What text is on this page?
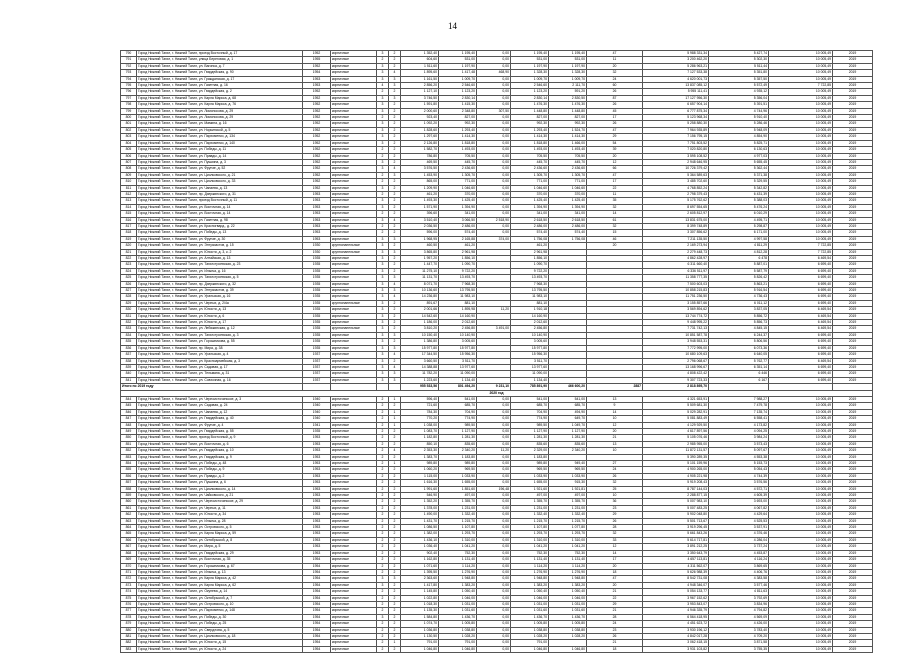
14
790	Город Нижний Тагил, г. Нижний Тагил, проезд Восточный, д. 17	1952	кирпичные	3	2	1 352,40	1 195,40	0,00	1 195,40	1 195,40	47	5 988 331,34	5 427,74	10 005,49	2019
791	Город Нижний Тагил, г. Нижний Тагил, улица Береговая, д. 1	1955	кирпичные	2	2	604,60	531,00	0,00	531,00	531,00	11	3 200 462,20	5 302,30	10 005,49	2019
792	Город Нижний Тагил, г. Нижний Тагил, ул. Вагонка, д. 7	1952	кирпичные	3	2	1 511,60	1 197,90	0,00	1 197,90	1 197,90	20	5 286 963,21	5 511,44	10 005,49	2019
793	Город Нижний Тагил, г. Нижний Тагил, ул. Гвардейская, д. 90	1954	кирпичные	3	4	1 895,60	1 417,48	468,90	1 328,30	1 328,30	32	7 127 533,38	5 351,80	10 005,49	2019
794	Город Нижний Тагил, г. Нижний Тагил, ул. Гражданская, д. 17	1953	кирпичные	3	3	1 161,50	1 009,70	0,00	1 009,70	1 009,70	24	4 620 001,73	5 357,50	10 005,49	2019
795	Город Нижний Тагил, г. Нижний Тагил, ул. Газетная, д. 16	1953	кирпичные	4	3	2 856,20	2 546,60	0,00	2 546,60	2 111,70	60	13 837 085,12	5 572,49	7 722,85	2019
796	Город Нижний Тагил, г. Нижний Тагил, ул. Гвардейская, д. 2	1952	кирпичные	2	2	1 127,10	1 123,20	0,00	1 123,20	591,20	26	5 955 111,41	4 935,12	10 005,49	2019
797	Город Нижний Тагил, г. Нижний Тагил, ул. Карла Маркса, д. 68	1952	кирпичные	3	3	3 746,50	2 830,14	0,00	2 830,14	2 830,50	87	17 127 956,30	5 356,04	10 005,49	2019
798	Город Нижний Тагил, г. Нижний Тагил, ул. Карла Маркса, д. 76	1952	кирпичные	3	2	1 591,80	1 415,30	0,00	1 476,30	1 476,30	26	6 657 904,14	5 391,51	10 005,49	2019
799	Город Нижний Тагил, г. Нижний Тагил, ул. Ломоносова, д. 29	1952	кирпичные	3	2	2 000,60	2 348,80	307,50	1 448,80	1 448,80	45	6 777 875,34	4 744,96	10 005,49	2019
800	Город Нижний Тагил, г. Нижний Тагил, ул. Ломоносова, д. 29	1952	кирпичные	2	2	923,40	827,00	0,00	827,00	827,00	17	5 123 968,34	5 910,40	10 005,49	2019
801	Город Нижний Тагил, г. Нижний Тагил, ул. Мамина, д. 16	1952	кирпичные	3	2	1 092,20	992,30	0,00	992,30	992,30	26	5 258 880,30	5 286,46	10 005,49	2019
802	Город Нижний Тагил, г. Нижний Тагил, ул. Норкинской, д. 5	1952	кирпичные	3	2	1 828,60	1 293,40	0,00	1 293,40	1 524,70	47	7 964 935,89	5 948,09	10 005,49	2019
803	Город Нижний Тагил, г. Нижний Тагил, ул. Пархоменко, д. 134	1952	кирпичные	3	2	1 297,60	1 414,30	0,00	1 414,30	1 414,30	29	7 156 795,15	4 854,90	10 005,49	2019
804	Город Нижний Тагил, г. Нижний Тагил, ул. Пархоменко, д. 140	1952	кирпичные	3	2	2 126,80	1 818,80	0,00	1 818,80	1 466,00	54	7 751 803,52	5 825,71	10 005,49	2019
805	Город Нижний Тагил, г. Нижний Тагил, ул. Победы, д. 11	1952	кирпичные	2	2	1 582,70	1 493,00	0,00	1 493,00	1 493,40	39	7 020 820,80	6 130,63	10 005,49	2019
806	Город Нижний Тагил, г. Нижний Тагил, ул. Правды, д. 14	1952	кирпичные	2	2	786,80	705,50	0,00	705,50	705,50	20	3 595 108,52	4 977,03	10 005,49	2019
807	Город Нижний Тагил, г. Нижний Тагил, ул. Пушкина, д. 3	1952	кирпичные	3	2	469,50	445,70	0,00	445,70	445,70	12	2 948 646,95	5 655,45	10 005,49	2019
808	Город Нижний Тагил, г. Нижний Тагил, ул. Фрунзе, д. 52	1952	кирпичные	3	4	3 576,50	2 436,60	0,00	2 436,60	2 436,60	66	10 726 379,42	5 362,44	10 005,49	2019
809	Город Нижний Тагил, г. Нижний Тагил, ул. Циолковского, д. 21	1952	кирпичные	2	3	1 453,90	1 305,70	0,00	1 305,70	1 305,70	47	5 364 589,63	5 371,38	10 005,49	2019
810	Город Нижний Тагил, г. Нижний Тагил, ул. Циолковского, д. 33	1952	кирпичные	2	2	865,00	771,00	0,00	771,00	771,00	17	3 485 702,60	5 329,55	10 005,49	2019
811	Город Нижний Тагил, г. Нижний Тагил, ул. Чапаева, д. 13	1952	кирпичные	3	2	1 209,90	1 046,60	0,00	1 046,60	1 046,60	22	4 768 852,24	5 342,82	10 005,49	2019
812	Город Нижний Тагил, г. Нижний Тагил, пр. Дзержинского, д. 31	1953	кирпичные	2	2	461,20	370,00	0,00	370,00	370,00	11	2 798 379,43	6 431,39	10 005,49	2019
813	Город Нижний Тагил, г. Нижний Тагил, проезд Восточный, д. 11	1953	кирпичные	3	2	1 493,30	1 425,40	0,00	1 425,40	1 425,40	35	5 175 762,62	5 388,03	10 005,49	2019
814	Город Нижний Тагил, г. Нижний Тагил, ул. Восточная, д. 14	1953	кирпичные	3	2	1 571,90	1 394,90	0,00	1 394,90	1 394,90	32	8 697 554,65	5 476,24	10 005,49	2019
815	Город Нижний Тагил, г. Нижний Тагил, ул. Восточная, д. 14	1953	кирпичные	2	2	396,60	341,00	0,00	341,00	341,00	14	2 605 812,97	6 010,29	10 005,49	2019
816	Город Нижний Тагил, г. Нижний Тагил, ул. Газетная, д. 98	1953	кирпичные	3	4	3 510,40	3 066,50	2 518,90	2 618,50	2 618,50	61	13 831 675,00	4 495,71	10 005,49	2019
817	Город Нижний Тагил, г. Нижний Тагил, ул. Красногвард., д. 22	1953	кирпичные	2	2	2 036,50	2 486,00	0,00	2 486,00	2 486,00	32	8 399 748,89	5 298,87	10 005,49	2019
818	Город Нижний Тагил, г. Нижний Тагил, ул. Победы, д. 13	1953	кирпичные	2	2	596,00	574,40	0,00	574,40	574,40	15	3 307 856,62	6 171,00	10 005,49	2019
819	Город Нижний Тагил, г. Нижний Тагил, ул. Фрунзе, д. 30	1953	кирпичные	3	3	1 968,95	2 165,88	374,00	1 756,08	1 756,08	46	7 211 135,50	4 997,58	10 005,49	2019
820	Город Нижний Тагил, г. Нижний Тагил, ул. Энтузиастов, д. 15	1930	крупнопанельные	3	2	460,50	461,20		461,20		20	2 169 273,94	4 811,29	7 722,85	2019
821	Город Нижний Тагил, г. Нижний Тагил, ул. Юности, д. 3, к. 2	1930	крупнопанельные	3	3	3 865,80	2 961,98		2 961,98			2 279 448,73	4 812,28	7 722,85	2019
822	Город Нижний Тагил, г. Нижний Тагил, ул. Алтайская, д. 13	1935	кирпичные	3	2	1 957,20	1 856,10		1 856,10			4 862 428,97	6 478	6 469,54	2019
823	Город Нижний Тагил, г. Нижний Тагил, ул. Тагилстроевская, д. 23	1935	кирпичные	3	2	1 447,70	1 090,70		1 090,70			6 311 660,40	5 887,01	6 699,40	2019
824	Город Нижний Тагил, г. Нижний Тагил, ул. Ильича, д. 16	1935	кирпичные	3	2	11 275,10	9 722,20		9 722,20			6 336 511,97	5 587,79	6 699,40	2019
825	Город Нижний Тагил, г. Нижний Тагил, ул. Тагилстроевская, д. 5	1935	кирпичные	3	3	11 131,70	13 493,70		13 493,70			11 358 777,35	5 826,42	6 699,40	2019
826	Город Нижний Тагил, г. Нижний Тагил, пр. Дзержинского, д. 32	1935	кирпичные	3	4	8 071,70	7 968,30		7 968,30			7 500 603,03	5 863,21	6 699,40	2019
827	Город Нижний Тагил, г. Нижний Тагил, ул. Энтузиастов, д. 39	1935	кирпичные	3	3	10 136,60	13 795,50		13 795,50			10 858 215,83	5 916,54	6 699,40	2019
828	Город Нижний Тагил, г. Нижний Тагил, ул. Уральская, д. 16	1935	кирпичные	3	4	14 236,80	11 983,10		11 983,10			11 751 236,50	4 736,43	6 699,40	2019
829	Город Нижний Тагил, г. Нижний Тагил, ул. Черных, д. 2/4а	1935	крупнопанельные	3	2	891,67	881,10		881,10			3 155 857,66	6 011,12	6 699,40	2019
830	Город Нижний Тагил, г. Нижний Тагил, ул. Юности, д. 13	1935	кирпичные	3	2	2 001,66	1 895,98	11,20	1 910,18			3 569 894,62	3 837,05	6 469,54	2019
831	Город Нижний Тагил, г. Нижний Тагил, ул. Юности, д. 6	1935	кирпичные	3	2	14 542,60	14 160,90		14 160,90			13 744 774,72	5 856,72	6 469,54	2019
832	Город Нижний Тагил, г. Нижний Тагил, ул. Юности, д. 17	1935	кирпичные	3	2	1 186,00	2 012,60		2 012,60			9 448 995,22	5 856,73	6 469,54	2019
833	Город Нижний Тагил, г. Нижний Тагил, ул. Лебяжинская, д. 12	1935	крупнопанельные	3	2	3 810,20	2 456,80	3 491,00	2 456,80			7 731 742,13	4 845,15	6 469,54	2019
834	Город Нижний Тагил, г. Нижний Тагил, ул. Тагилстроевская, д. 3	1935	кирпичные	3	3	10 150,40	10 140,90		10 140,90			10 851 587,78	6 244,37	6 699,40	2019
835	Город Нижний Тагил, г. Нижний Тагил, ул. Горошникова, д. 55	1935	кирпичные	3	2	1 386,80	3 005,60		3 005,60			3 948 553,31	5 806,56	6 699,40	2019
836	Город Нижний Тагил, г. Нижний Тагил, пр. Мира, д. 38	1935	кирпичные	3	3	15 977,80	15 977,80		15 977,80			7 772 995,00	6 073,36	6 699,40	2019
837	Город Нижний Тагил, г. Нижний Тагил, ул. Уральская, д. 4	1937	кирпичные	3	4	17 344,50	15 956,30		15 956,30			10 680 109,63	6 640,05	6 699,40	2019
838	Город Нижний Тагил, г. Нижний Тагил, ул. Красноармейская, д. 3	1937	кирпичные	3	2	3 660,50	3 511,70		3 511,70			2 796 068,67	5 762,77	6 469,54	2019
839	Город Нижний Тагил, г. Нижний Тагил, ул. Садовая, д. 17	1937	кирпичные	3	4	14 388,88	13 977,60		13 977,60			13 168 996,67	6 351,14	6 699,40	2019
840	Город Нижний Тагил, г. Нижний Тагил, ул. Тельмана, д. 31	1937	кирпичные	3	3	11 782,20	11 090,00		11 090,00			4 808 422,42	6 446	6 699,40	2019
841	Город Нижний Тагил, г. Нижний Тагил, ул. Совхозная, д. 16	1937	кирпичные	3	3	1 223,60	1 134,40		1 134,40			9 307 723,33	6 167	6 699,40	2019
Итого по 2019 году						955 533,56	801 494,20	9 231,10	785 891,90	466 600,20	2887	2 818 895,70			
2020 год															
844	Город Нижний Тагил, г. Нижний Тагил, ул. Черноисточинское, д. 3	1940	кирпичные	2	1	596,40	541,00	0,00	541,00	541,00	13	4 321 653,91	7 988,27	10 005,49	2019
845	Город Нижний Тагил, г. Нижний Тагил, ул. Садовая, д. 24	1940	кирпичные	2	2	721,60	685,70	0,00	685,70	685,70	9	5 509 681,30	7 479,78	10 005,49	2019
846	Город Нижний Тагил, г. Нижний Тагил, ул. Чапаева, д. 12	1940	кирпичные	2	1	784,30	704,90	0,00	704,90	494,90	14	5 029 282,91	7 135,74	10 005,49	2019
847	Город Нижний Тагил, г. Нижний Тагил, ул. Гвардейская, д. 40	1940	кирпичные	2	1	770,20	774,90	0,00	774,90	649,70	10	5 081 883,49	6 558,41	10 005,49	2019
848	Город Нижний Тагил, г. Нижний Тагил, ул. Фрунзе, д. 4	1941	кирпичные	2	1	1 038,00	989,50	0,00	989,50	1 049,70	12	4 129 929,50	4 173,82	10 005,49	2019
849	Город Нижний Тагил, г. Нижний Тагил, ул. Гвардейская, д. 55	1935	кирпичные	2	2	1 083,70	1 127,90	0,00	1 127,90	1 127,90	20	4 617 897,56	4 094,25	10 005,49	2019
850	Город Нижний Тагил, г. Нижний Тагил, проезд Восточный, д. 9	1953	кирпичные	2	2	1 182,80	1 281,30	0,00	1 281,30	1 281,30	21	5 105 076,46	3 984,24	10 005,49	2019
851	Город Нижний Тагил, г. Нижний Тагил, ул. Восточная, д. 6	1953	кирпичные	2	2	850,10	835,60	0,00	835,60	835,60	13	2 985 955,00	3 573,43	10 005,49	2019
852	Город Нижний Тагил, г. Нижний Тагил, ул. Гвардейская, д. 10	1953	кирпичные	2	4	2 353,30	2 340,20	11,20	2 329,00	2 340,20	10	11 872 131,57	5 097,67	10 005,49	2019
853	Город Нижний Тагил, г. Нижний Тагил, ул. Гвардейская, д. 9	1953	кирпичные	2	2	1 383,70	1 183,80	0,00	1 183,80			5 390 289,35	4 553,38	10 005,49	2019
854	Город Нижний Тагил, г. Нижний Тагил, ул. Победы, д. 48	1953	кирпичные	2	1	989,80	989,80	0,00	989,80	949,40	27	5 101 159,96	5 153,73	10 005,49	2019
855	Город Нижний Тагил, г. Нижний Тагил, ул. Победы, д. 9	1953	кирпичные	2	2	1 060,20	969,50	0,00	969,50	969,50	24	4 900 265,00	5 054,43	10 005,49	2019
856	Город Нижний Тагил, г. Нижний Тагил, ул. Правды, д. 2	1953	кирпичные	2	2	1 115,00	1 033,90	0,00	1 033,90	1 033,90	26	4 905 221,98	4 744,39	10 005,49	2019
857	Город Нижний Тагил, г. Нижний Тагил, ул. Пушкина, д. 6	1953	кирпичные	2	2	1 616,30	1 655,00	0,00	1 655,00	915,30	32	5 919 208,43	3 576,56	10 005,49	2019
858	Город Нижний Тагил, г. Нижний Тагил, ул. Циолковского, д. 14	1953	кирпичные	2	2	1 991,60	1 851,60	196,48	1 921,60	1 921,81	25	8 787 144,03	4 572,71	10 005,49	2019
859	Город Нижний Тагил, г. Нижний Тагил, ул. Чайковского, д. 21	1953	кирпичные	2	2	546,90	497,00	0,00	497,00	497,00	10	2 288 877,15	4 605,39	10 005,49	2019
860	Город Нижний Тагил, г. Нижний Тагил, ул. Черноисточинское, д. 29	1953	кирпичные	2	2	1 352,20	1 355,70	0,00	1 355,70	1 355,70	36	5 007 983,10	3 693,00	10 005,49	2019
861	Город Нижний Тагил, г. Нижний Тагил, ул. Черных, д. 11	1953	кирпичные	2	2	1 378,00	1 231,00	0,00	1 231,00	1 231,00	23	5 007 483,25	4 067,82	10 005,49	2019
862	Город Нижний Тагил, г. Нижний Тагил, ул. Юности, д. 34	1953	кирпичные	2	2	1 490,00	1 332,40	0,00	1 332,40	1 332,40	29	5 902 048,80	4 429,64	10 005,49	2019
863	Город Нижний Тагил, г. Нижний Тагил, ул. Ильича, д. 28	1953	кирпичные	2	2	1 431,70	1 215,70	0,00	1 215,70	1 215,70	26	5 501 713,67	4 525,53	10 005,49	2019
864	Город Нижний Тагил, г. Нижний Тагил, ул. Островского, д. 5	1953	кирпичные	2	2	1 086,50	1 107,80	0,00	1 107,80	1 077,80	28	3 919 296,45	3 537,91	10 005,49	2019
865	Город Нижний Тагил, г. Нижний Тагил, ул. Карла Маркса, д. 59	1953	кирпичные	2	2	1 382,00	1 293,70	0,00	1 293,70	1 293,70	32	5 661 843,26	4 376,46	10 005,49	2019
866	Город Нижний Тагил, г. Нижний Тагил, ул. Октябрьской, д. 8	1953	кирпичные	2	2	1 436,10	1 310,00	0,00	1 310,00	1 310,00	33	5 614 717,81	4 286,04	10 005,49	2019
867	Город Нижний Тагил, г. Нижний Тагил, ул. Мира, д. 5	1953	кирпичные	2	2	1 036,40	1 041,20	0,00	1 041,20	1 041,20	12	3 891 212,25	3 737,24	10 005,49	2019
868	Город Нижний Тагил, г. Нижний Тагил, ул. Гвардейская, д. 29	1953	кирпичные	2	2	902,40	752,30	0,00	752,30	752,30	14	3 350 643,79	4 453,87	10 005,49	2019
869	Город Нижний Тагил, г. Нижний Тагил, ул. Восточная, д. 35	1954	кирпичные	2	2	1 162,80	1 131,40	0,00	1 131,40	1 131,40	17	4 657 113,81	4 116,24	10 005,49	2019
870	Город Нижний Тагил, г. Нижний Тагил, ул. Горошникова, д. 67	1954	кирпичные	2	2	1 071,60	1 114,20	0,00	1 114,20	1 114,20	20	4 311 562,07	3 869,65	10 005,49	2019
871	Город Нижний Тагил, г. Нижний Тагил, ул. Ильича, д. 13	1954	кирпичные	2	2	1 395,50	1 276,90	0,00	1 276,90	1 276,90	18	5 626 988,39	4 406,76	10 005,49	2019
872	Город Нижний Тагил, г. Нижний Тагил, ул. Карла Маркса, д. 42	1954	кирпичные	3	3	2 363,60	1 948,80	0,00	1 948,80	1 948,80	47	8 542 731,08	4 383,58	10 005,49	2019
873	Город Нижний Тагил, г. Нижний Тагил, ул. Карла Маркса, д. 62	1954	кирпичные	3	2	1 417,80	1 383,20	0,00	1 383,20	1 383,20	20	4 948 346,07	3 577,46	10 005,49	2019
874	Город Нижний Тагил, г. Нижний Тагил, ул. Окунева, д. 14	1954	кирпичные	2	2	1 145,80	1 050,40	0,00	1 050,40	1 050,40	21	5 054 133,77	4 811,63	10 005,49	2019
875	Город Нижний Тагил, г. Нижний Тагил, ул. Октябрьской, д. 7	1954	кирпичные	2	2	1 022,80	1 046,00	0,00	1 046,00	1 046,00	22	3 967 152,62	3 792,69	10 005,49	2019
876	Город Нижний Тагил, г. Нижний Тагил, ул. Островского, д. 10	1954	кирпичные	2	2	1 018,30	1 031,00	0,00	1 031,00	1 031,00	29	3 953 843,07	3 834,96	10 005,49	2019
877	Город Нижний Тагил, г. Нижний Тагил, ул. Пархоменко, д. 148	1954	кирпичные	2	2	1 135,30	1 031,60	0,00	1 031,60	1 031,60	21	4 946 335,79	4 794,82	10 005,49	2019
878	Город Нижний Тагил, г. Нижний Тагил, ул. Победы, д. 30	1954	кирпичные	3	2	1 584,80	1 436,70	0,00	1 436,70	1 436,70	28	6 564 418,95	4 569,09	10 005,49	2019
879	Город Нижний Тагил, г. Нижний Тагил, ул. Победы, д. 25	1954	кирпичные	2	2	1 074,70	1 005,80	0,00	1 005,80	1 005,80	24	4 451 623,72	4 426,00	10 005,49	2019
880	Город Нижний Тагил, г. Нижний Тагил, ул. Свердлова, д. 5	1954	кирпичные	2	2	1 036,80	1 038,80	0,00	1 038,80	1 038,80	23	3 930 196,12	3 783,40	10 005,49	2019
881	Город Нижний Тагил, г. Нижний Тагил, ул. Циолковского, д. 18	1954	кирпичные	2	2	1 130,50	1 028,20	0,00	1 028,20	1 028,20	26	4 842 017,28	4 709,20	10 005,49	2019
882	Город Нижний Тагил, г. Нижний Тагил, ул. Юности, д. 15	1954	кирпичные	2	1	791,00	791,00	0,00	791,00		21	3 062 418,15	3 871,58	10 005,49	2019
883	Город Нижний Тагил, г. Нижний Тагил, ул. Юности, д. 24	1954	кирпичные	2	2	1 046,80	1 046,80	0,00	1 046,80	1 046,80	18	3 931 103,82	3 755,35	10 005,49	2019
